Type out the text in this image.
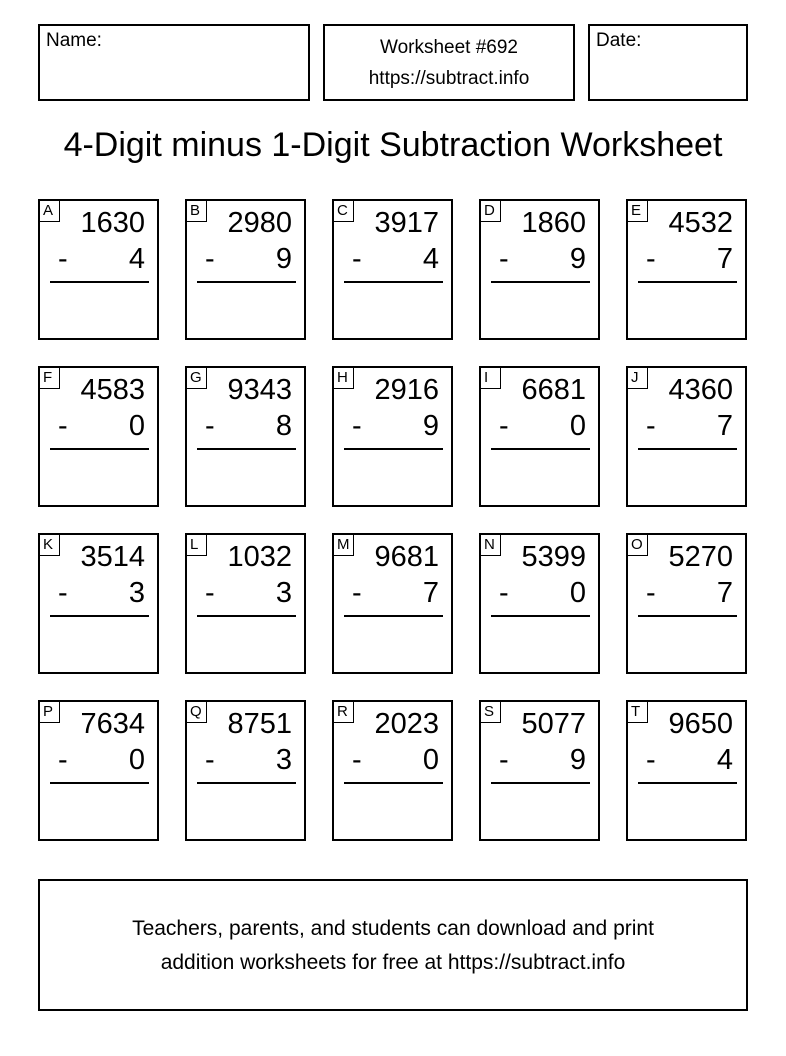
Name:	Worksheet #692
https://subtract.info
Date:
4-Digit minus 1-Digit Subtraction Worksheet
A 1630
- 4
B 2980
- 9
C 3917
- 4
D 1860
- 9
E 4532
- 7
F 4583
- 0
G 9343
- 8
H 2916
- 9
I	6681
- 0
J	4360
- 7
K 3514
- 3
L 1032
- 3
M 9681
- 7
N 5399
- 0
O 5270
- 7
P 7634
- 0
Q 8751
- 3
R 2023
- 0
S 5077
- 9
T 9650
- 4
Teachers, parents, and students can download and print
addition worksheets for free at https://subtract.info
